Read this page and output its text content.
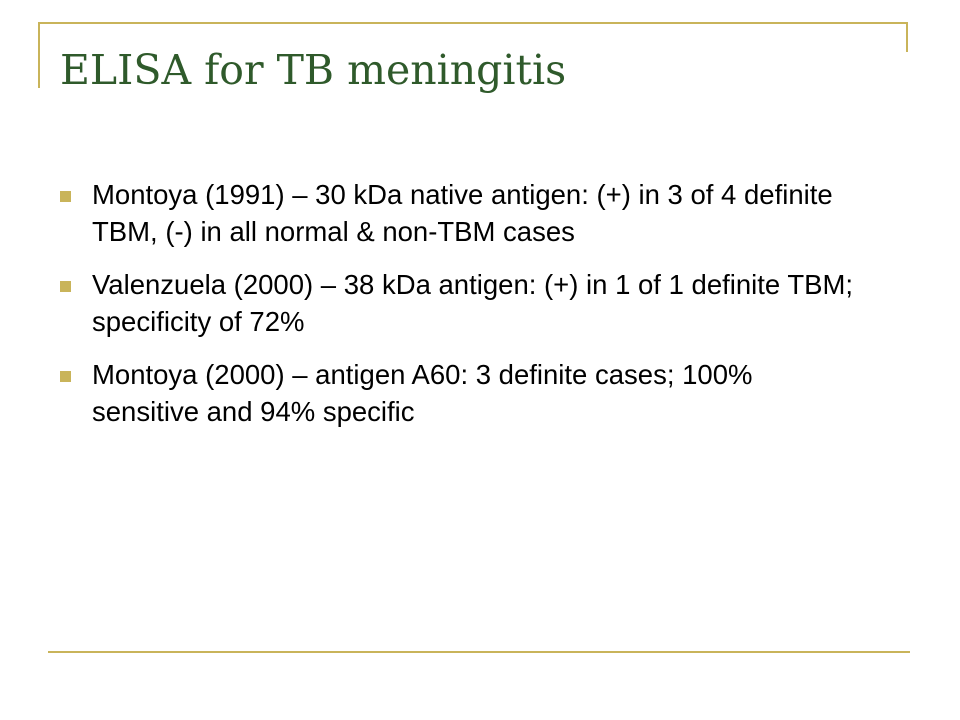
ELISA for TB meningitis
Montoya (1991) – 30 kDa native antigen: (+) in 3 of 4 definite TBM, (-) in all normal & non-TBM cases
Valenzuela (2000) – 38 kDa antigen: (+) in 1 of 1 definite TBM; specificity of 72%
Montoya (2000) – antigen A60: 3 definite cases; 100% sensitive and 94% specific
